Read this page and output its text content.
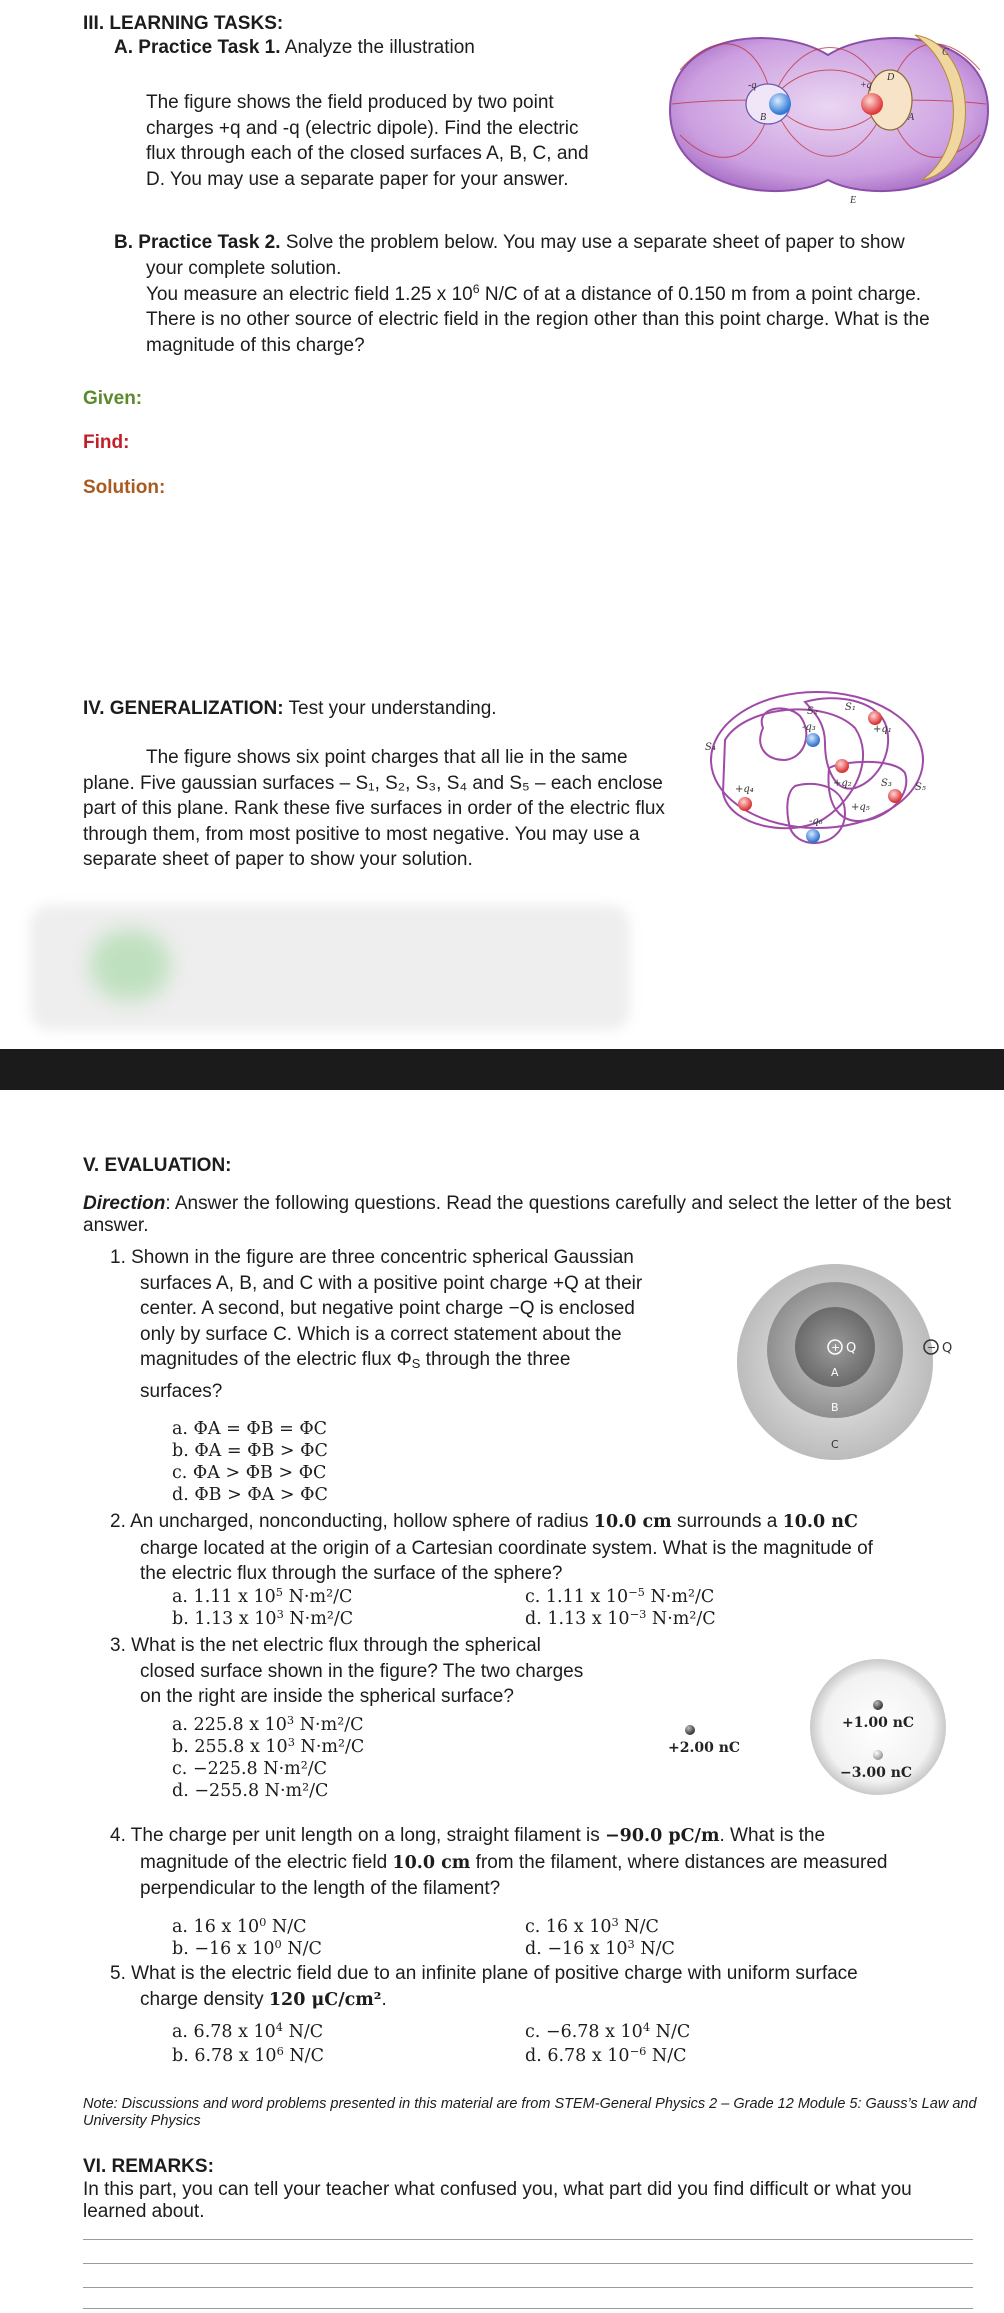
III. LEARNING TASKS:
A. Practice Task 1. Analyze the illustration
The figure shows the field produced by two point
charges +q and -q (electric dipole). Find the electric
flux through each of the closed surfaces A, B, C, and
D. You may use a separate paper for your answer.
-q	+q
B	A
D
C
E
B. Practice Task 2. Solve the problem below. You may use a separate sheet of paper to show
your complete solution.
You measure an electric field 1.25 x $10^6$ N/C of at a distance of 0.150 m from a point charge.
There is no other source of electric field in the region other than this point charge. What is the
magnitude of this charge?
Given:
Find:
Solution:
IV. GENERALIZATION: Test your understanding.
The figure shows six point charges that all lie in the same
plane. Five gaussian surfaces – S₁, S₂, S₃, S₄ and S₅ – each enclose
part of this plane. Rank these five surfaces in order of the electric flux
through them, from most positive to most negative. You may use a
separate sheet of paper to show your solution.
S₂	S₁
S₄
S₅
S₃
+q₁
+q₂
-q₃
+q₄
+q₅
-q₆
V. EVALUATION:
Direction: Answer the following questions. Read the questions carefully and select the letter of the best
answer.
1. Shown in the figure are three concentric spherical Gaussian
surfaces A, B, and C with a positive point charge +Q at their
center. A second, but negative point charge −Q is enclosed
only by surface C. Which is a correct statement about the
magnitudes of the electric flux $\Phi_S$ through the three
surfaces?
a. ΦA = ΦB = ΦC
b. ΦA = ΦB > ΦC
c. ΦA > ΦB > ΦC
d. ΦB > ΦA > ΦC
+ Q	− Q
A
B
C
2. An uncharged, nonconducting, hollow sphere of radius 10.0 cm surrounds a 10.0 nC
charge located at the origin of a Cartesian coordinate system. What is the magnitude of
the electric flux through the surface of the sphere?
a. 1.11 x $10^5$ N·m²/C
b. 1.13 x $10^3$ N·m²/C
c. 1.11 x $10^{-5}$ N·m²/C
d. 1.13 x $10^{-3}$ N·m²/C
3. What is the net electric flux through the spherical
closed surface shown in the figure? The two charges
on the right are inside the spherical surface?
a. 225.8 x $10^3$ N·m²/C
b. 255.8 x $10^3$ N·m²/C
c. −225.8 N·m²/C
d. −255.8 N·m²/C
+2.00 nC
+1.00 nC
−3.00 nC
4. The charge per unit length on a long, straight filament is −90.0 pC/m. What is the
magnitude of the electric field 10.0 cm from the filament, where distances are measured
perpendicular to the length of the filament?
a. 16 x $10^0$ N/C
b. −16 x $10^0$ N/C
c. 16 x $10^3$ N/C
d. −16 x $10^3$ N/C
5. What is the electric field due to an infinite plane of positive charge with uniform surface
charge density 120 μC/cm².
a. 6.78 x $10^4$ N/C
b. 6.78 x $10^6$ N/C
c. −6.78 x $10^4$ N/C
d. 6.78 x $10^{-6}$ N/C
Note: Discussions and word problems presented in this material are from STEM-General Physics 2 – Grade 12 Module 5: Gauss’s Law and
University Physics
VI. REMARKS:
In this part, you can tell your teacher what confused you, what part did you find difficult or what you
learned about.
